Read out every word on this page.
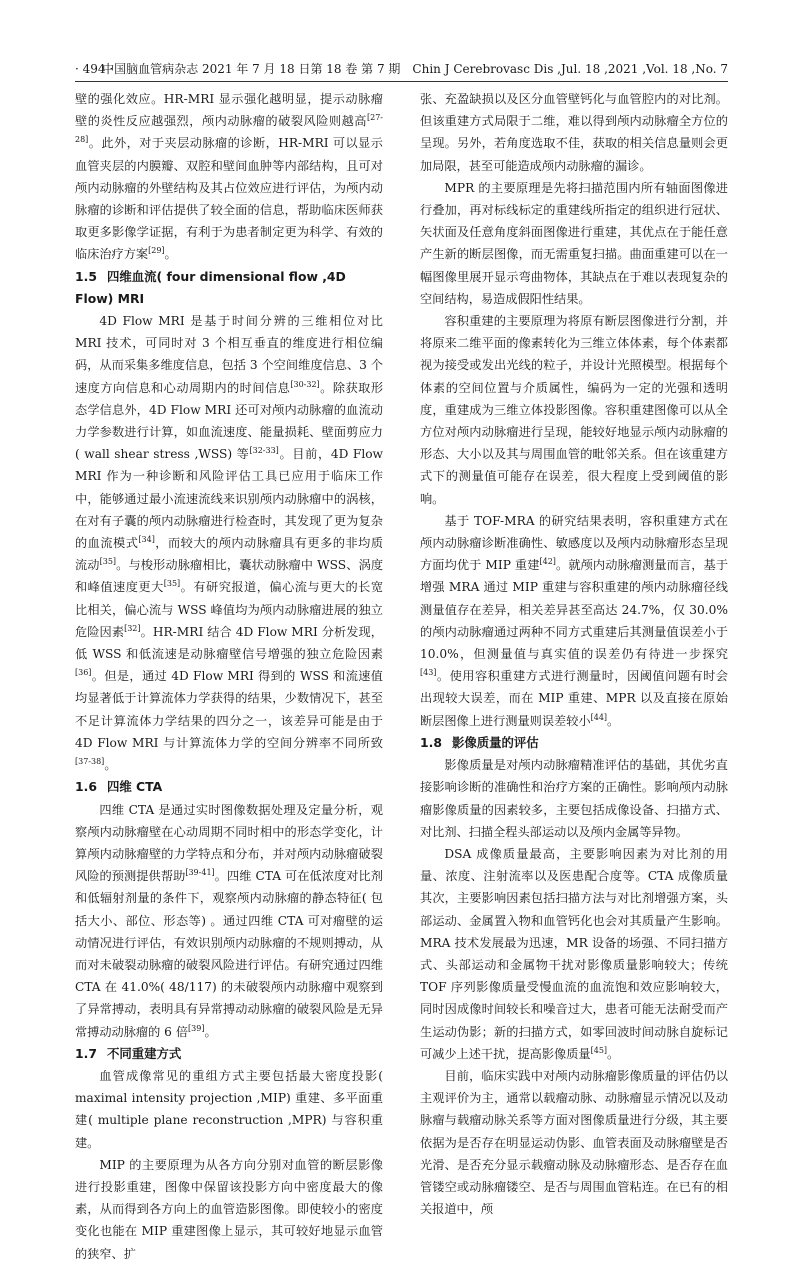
· 494 ·
中国脑血管病杂志 2021 年 7 月 18 日第 18 卷 第 7 期　Chin J Cerebrovasc Dis ,Jul. 18 ,2021 ,Vol. 18 ,No. 7

壁的强化效应。HR-MRI 显示强化越明显，提示动脉瘤壁的炎性反应越强烈，颅内动脉瘤的破裂风险则越高[27-28]。此外，对于夹层动脉瘤的诊断，HR-MRI 可以显示血管夹层的内膜瓣、双腔和壁间血肿等内部结构，且可对颅内动脉瘤的外壁结构及其占位效应进行评估，为颅内动脉瘤的诊断和评估提供了较全面的信息，帮助临床医师获取更多影像学证据，有利于为患者制定更为科学、有效的临床治疗方案[29]。

1.5 四维血流( four dimensional flow ,4D Flow) MRI

4D Flow MRI 是基于时间分辨的三维相位对比 MRI 技术，可同时对 3 个相互垂直的维度进行相位编码，从而采集多维度信息，包括 3 个空间维度信息、3 个速度方向信息和心动周期内的时间信息[30-32]。除获取形态学信息外，4D Flow MRI 还可对颅内动脉瘤的血流动力学参数进行计算，如血流速度、能量损耗、壁面剪应力( wall shear stress ,WSS) 等[32-33]。目前，4D Flow MRI 作为一种诊断和风险评估工具已应用于临床工作中，能够通过最小流速流线来识别颅内动脉瘤中的涡核，在对有子囊的颅内动脉瘤进行检查时，其发现了更为复杂的血流模式[34]，而较大的颅内动脉瘤具有更多的非均质流动[35]。与梭形动脉瘤相比，囊状动脉瘤中 WSS、涡度和峰值速度更大[35]。有研究报道，偏心流与更大的长宽比相关，偏心流与 WSS 峰值均为颅内动脉瘤进展的独立危险因素[32]。HR-MRI 结合 4D Flow MRI 分析发现，低 WSS 和低流速是动脉瘤壁信号增强的独立危险因素[36]。但是，通过 4D Flow MRI 得到的 WSS 和流速值均显著低于计算流体力学获得的结果，少数情况下，甚至不足计算流体力学结果的四分之一，该差异可能是由于 4D Flow MRI 与计算流体力学的空间分辨率不同所致[37-38]。

1.6 四维 CTA

四维 CTA 是通过实时图像数据处理及定量分析，观察颅内动脉瘤壁在心动周期不同时相中的形态学变化，计算颅内动脉瘤壁的力学特点和分布，并对颅内动脉瘤破裂风险的预测提供帮助[39-41]。四维 CTA 可在低浓度对比剂和低辐射剂量的条件下，观察颅内动脉瘤的静态特征( 包括大小、部位、形态等) 。通过四维 CTA 可对瘤壁的运动情况进行评估，有效识别颅内动脉瘤的不规则搏动，从而对未破裂动脉瘤的破裂风险进行评估。有研究通过四维 CTA 在 41.0%( 48/117) 的未破裂颅内动脉瘤中观察到了异常搏动，表明具有异常搏动动脉瘤的破裂风险是无异常搏动动脉瘤的 6 倍[39]。

1.7 不同重建方式

血管成像常见的重组方式主要包括最大密度投影( maximal intensity projection ,MIP) 重建、多平面重建( multiple plane reconstruction ,MPR) 与容积重建。

MIP 的主要原理为从各方向分别对血管的断层影像进行投影重建，图像中保留该投影方向中密度最大的像素，从而得到各方向上的血管造影图像。即使较小的密度变化也能在 MIP 重建图像上显示，其可较好地显示血管的狭窄、扩

张、充盈缺损以及区分血管壁钙化与血管腔内的对比剂。但该重建方式局限于二维，难以得到颅内动脉瘤全方位的呈现。另外，若角度选取不佳，获取的相关信息量则会更加局限，甚至可能造成颅内动脉瘤的漏诊。

MPR 的主要原理是先将扫描范围内所有轴面图像进行叠加，再对标线标定的重建线所指定的组织进行冠状、矢状面及任意角度斜面图像进行重建，其优点在于能任意产生新的断层图像，而无需重复扫描。曲面重建可以在一幅图像里展开显示弯曲物体，其缺点在于难以表现复杂的空间结构，易造成假阳性结果。

容积重建的主要原理为将原有断层图像进行分割，并将原来二维平面的像素转化为三维立体体素，每个体素都视为接受或发出光线的粒子，并设计光照模型。根据每个体素的空间位置与介质属性，编码为一定的光强和透明度，重建成为三维立体投影图像。容积重建图像可以从全方位对颅内动脉瘤进行呈现，能较好地显示颅内动脉瘤的形态、大小以及其与周围血管的毗邻关系。但在该重建方式下的测量值可能存在误差，很大程度上受到阈值的影响。

基于 TOF-MRA 的研究结果表明，容积重建方式在颅内动脉瘤诊断准确性、敏感度以及颅内动脉瘤形态呈现方面均优于 MIP 重建[42]。就颅内动脉瘤测量而言，基于增强 MRA 通过 MIP 重建与容积重建的颅内动脉瘤径线测量值存在差异，相关差异甚至高达 24.7%，仅 30.0% 的颅内动脉瘤通过两种不同方式重建后其测量值误差小于 10.0%，但测量值与真实值的误差仍有待进一步探究[43]。使用容积重建方式进行测量时，因阈值问题有时会出现较大误差，而在 MIP 重建、MPR 以及直接在原始断层图像上进行测量则误差较小[44]。

1.8 影像质量的评估

影像质量是对颅内动脉瘤精准评估的基础，其优劣直接影响诊断的准确性和治疗方案的正确性。影响颅内动脉瘤影像质量的因素较多，主要包括成像设备、扫描方式、对比剂、扫描全程头部运动以及颅内金属等异物。

DSA 成像质量最高，主要影响因素为对比剂的用量、浓度、注射流率以及医患配合度等。CTA 成像质量其次，主要影响因素包括扫描方法与对比剂增强方案，头部运动、金属置入物和血管钙化也会对其质量产生影响。MRA 技术发展最为迅速，MR 设备的场强、不同扫描方式、头部运动和金属物干扰对影像质量影响较大；传统 TOF 序列影像质量受慢血流的血流饱和效应影响较大，同时因成像时间较长和噪音过大，患者可能无法耐受而产生运动伪影；新的扫描方式，如零回波时间动脉自旋标记可减少上述干扰，提高影像质量[45]。

目前，临床实践中对颅内动脉瘤影像质量的评估仍以主观评价为主，通常以载瘤动脉、动脉瘤显示情况以及动脉瘤与载瘤动脉关系等方面对图像质量进行分级，其主要依据为是否存在明显运动伪影、血管表面及动脉瘤壁是否光滑、是否充分显示载瘤动脉及动脉瘤形态、是否存在血管镂空或动脉瘤镂空、是否与周围血管粘连。在已有的相关报道中，颅
